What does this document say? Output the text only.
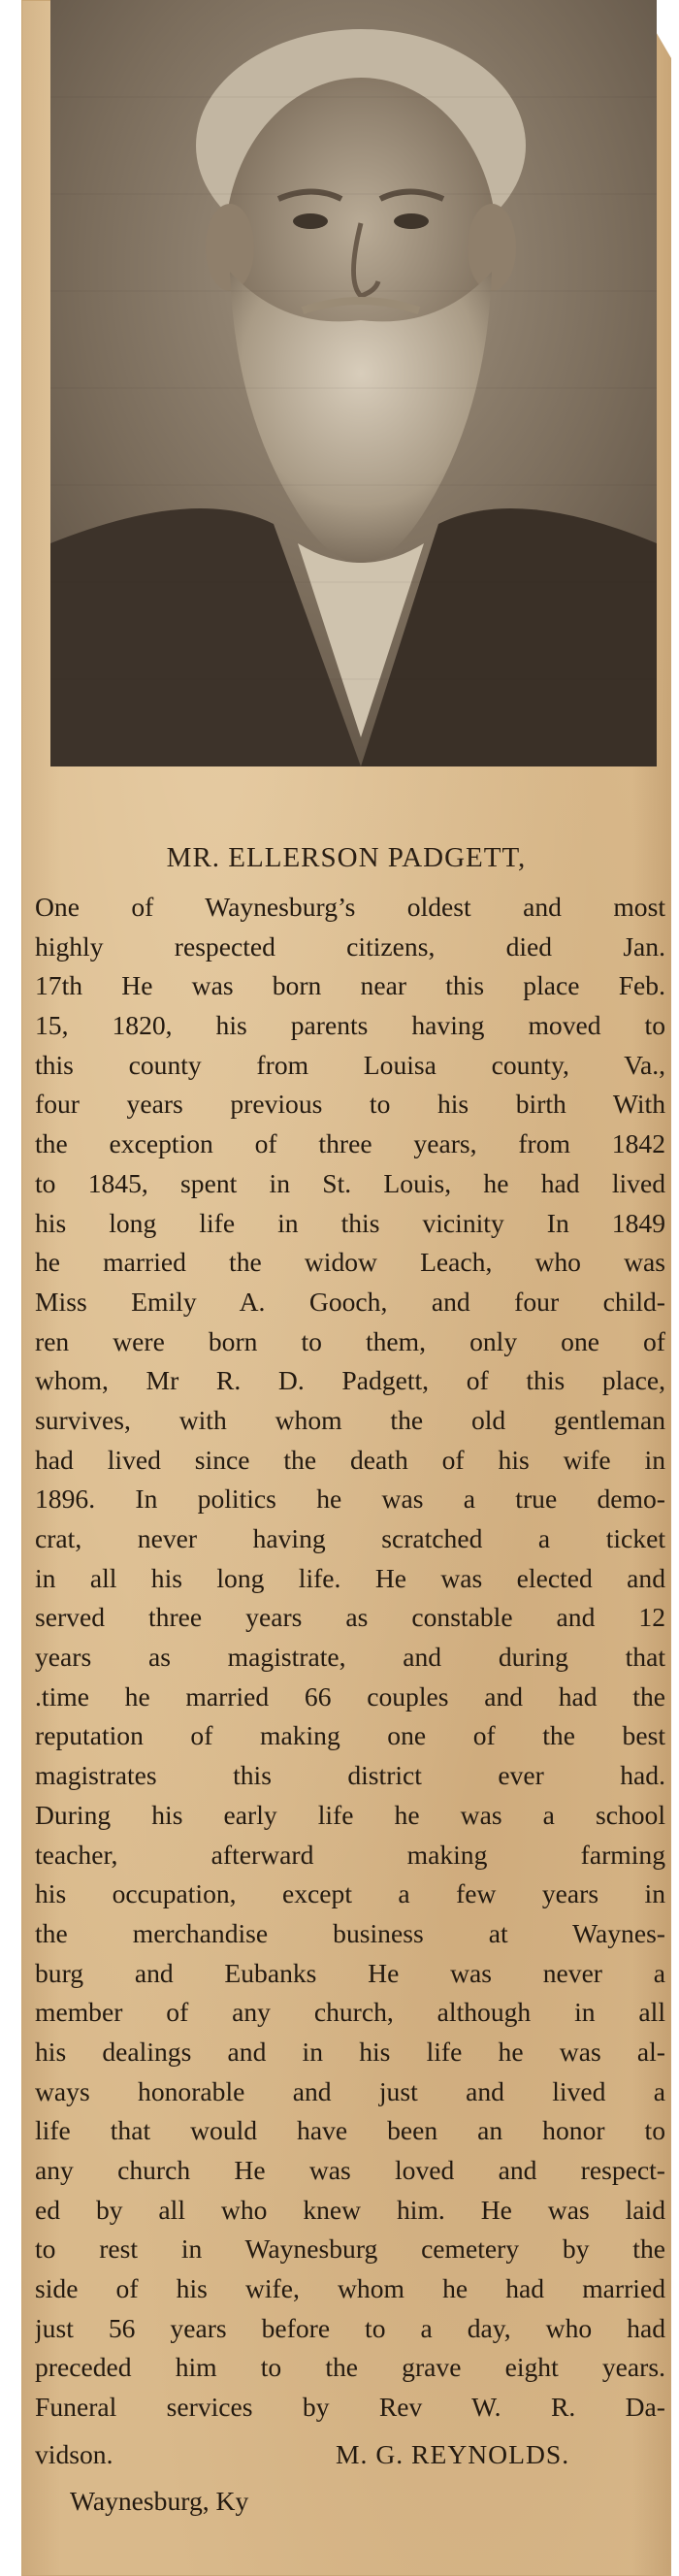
MR. ELLERSON PADGETT,
One of Waynesburg’s oldest and most
highly respected citizens, died Jan.
17th He was born near this place Feb.
15, 1820, his parents having moved to
this county from Louisa county, Va.,
four years previous to his birth With
the exception of three years, from 1842
to 1845, spent in St. Louis, he had lived
his long life in this vicinity In 1849
he married the widow Leach, who was
Miss Emily A. Gooch, and four child-
ren were born to them, only one of
whom, Mr R. D. Padgett, of this place,
survives, with whom the old gentleman
had lived since the death of his wife in
1896. In politics he was a true demo-
crat, never having scratched a ticket
in all his long life. He was elected and
served three years as constable and 12
years as magistrate, and during that
.time he married 66 couples and had the
reputation of making one of the best
magistrates this district ever had.
During his early life he was a school
teacher, afterward making farming
his occupation, except a few years in
the merchandise business at Waynes-
burg and Eubanks He was never a
member of any church, although in all
his dealings and in his life he was al-
ways honorable and just and lived a
life that would have been an honor to
any church He was loved and respect-
ed by all who knew him. He was laid
to rest in Waynesburg cemetery by the
side of his wife, whom he had married
just 56 years before to a day, who had
preceded him to the grave eight years.
Funeral services by Rev W. R. Da-
vidson.	M. G. REYNOLDS.
Waynesburg, Ky
